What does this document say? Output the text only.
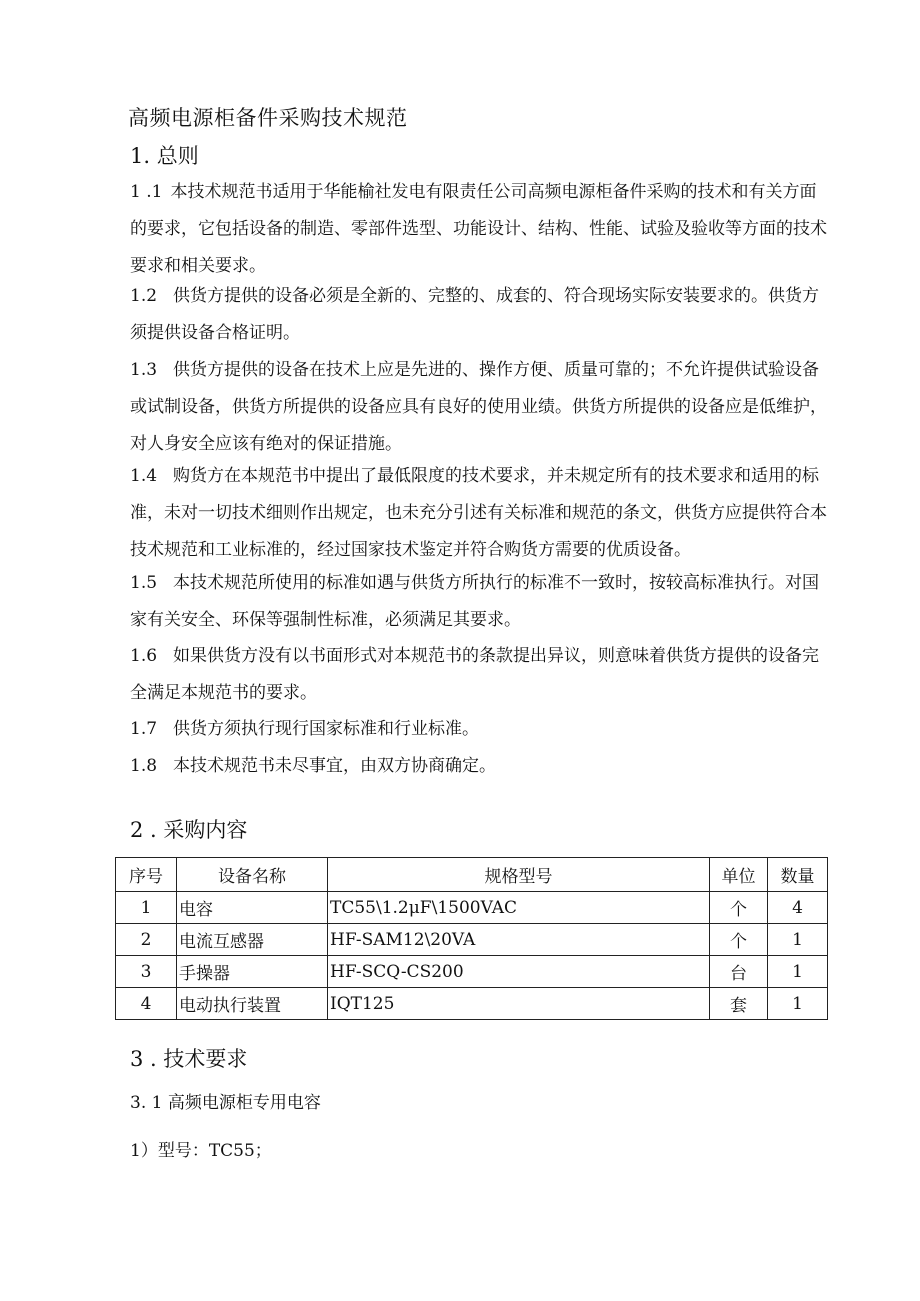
高频电源柜备件采购技术规范
1. 总则

1 .1 本技术规范书适用于华能榆社发电有限责任公司高频电源柜备件采购的技术和有关方面的要求，它包括设备的制造、零部件选型、功能设计、结构、性能、试验及验收等方面的技术要求和相关要求。

1.2 供货方提供的设备必须是全新的、完整的、成套的、符合现场实际安装要求的。供货方须提供设备合格证明。

1.3 供货方提供的设备在技术上应是先进的、操作方便、质量可靠的；不允许提供试验设备或试制设备，供货方所提供的设备应具有良好的使用业绩。供货方所提供的设备应是低维护，对人身安全应该有绝对的保证措施。

1.4 购货方在本规范书中提出了最低限度的技术要求，并未规定所有的技术要求和适用的标准，未对一切技术细则作出规定，也未充分引述有关标准和规范的条文，供货方应提供符合本技术规范和工业标准的，经过国家技术鉴定并符合购货方需要的优质设备。

1.5 本技术规范所使用的标准如遇与供货方所执行的标准不一致时，按较高标准执行。对国家有关安全、环保等强制性标准，必须满足其要求。

1.6 如果供货方没有以书面形式对本规范书的条款提出异议，则意味着供货方提供的设备完全满足本规范书的要求。

1.7 供货方须执行现行国家标准和行业标准。

1.8 本技术规范书未尽事宜，由双方协商确定。

2 . 采购内容
序号	设备名称	规格型号	单位	数量
1	电容	TC55\1.2μF\1500VAC	个	4
2	电流互感器	HF-SAM12\20VA	个	1
3	手操器	HF-SCQ-CS200	台	1
4	电动执行装置	IQT125	套	1
3 . 技术要求
3. 1 高频电源柜专用电容
1）型号：TC55；
